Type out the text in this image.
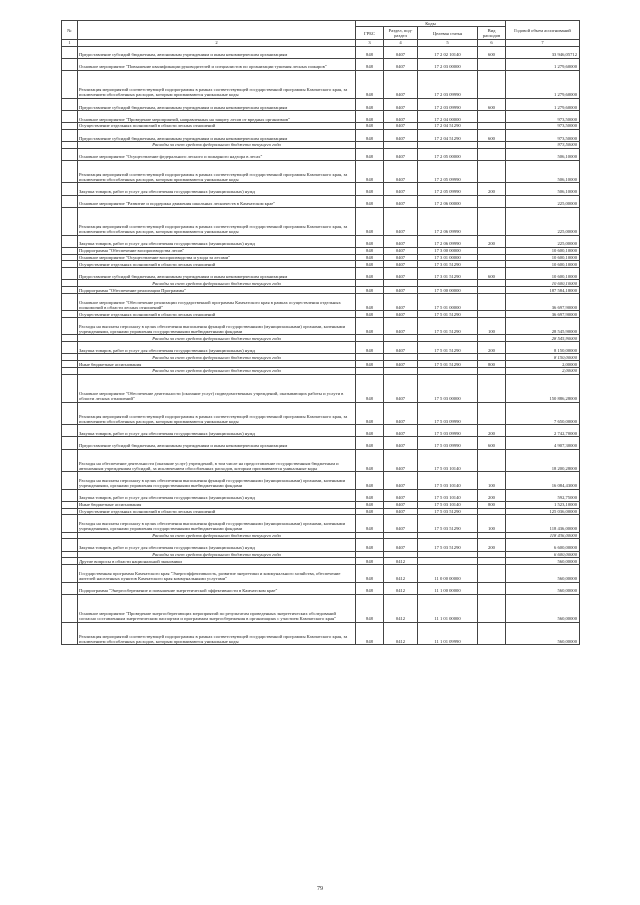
№		Коды				Годовой объем ассигнований
		ГРБС	Раздел, под- раздел	Целевая статья	Вид расходов	
1	2	3	4	5	6	7
	Предоставление субсидий бюджетным, автономным учреждениям и иным некоммерческим организациям	848	0407	17 2 02 10140	600	33 946,05712
	Основное мероприятие "Повышение квалификации руководителей и специалистов по организации тушения лесных пожаров"	848	0407	17 2 03 00000		1 279,60000
	Реализация мероприятий соответствующей подпрограммы в рамках соответствующей государственной программы Камчатского края, за исключением обособленных расходов, которым присваиваются уникальные коды	848	0407	17 2 03 09990		1 279,60000
	Предоставление субсидий бюджетным, автономным учреждениям и иным некоммерческим организациям	848	0407	17 2 03 09990	600	1 279,60000
	Основное мероприятие "Проведение мероприятий, направленных на защиту лесов от вредных организмов"	848	0407	17 2 04 00000		973,50000
	Осуществление отдельных полномочий в области лесных отношений	848	0407	17 2 04 51290		973,50000
	Предоставление субсидий бюджетным, автономным учреждениям и иным некоммерческим организациям	848	0407	17 2 04 51290	600	973,50000
	Расходы за счет средств федерального бюджета текущего года					973,50000
	Основное мероприятие "Осуществление федерального лесного и пожарного надзора в лесах"	848	0407	17 2 05 00000		506,10000
	Реализация мероприятий соответствующей подпрограммы в рамках соответствующей государственной программы Камчатского края, за исключением обособленных расходов, которым присваиваются уникальные коды	848	0407	17 2 05 09990		506,10000
	Закупка товаров, работ и услуг для обеспечения государственных (муниципальных) нужд	848	0407	17 2 05 09990	200	506,10000
	Основное мероприятие "Развитие и поддержка движения школьных лесничеств в Камчатском крае"	848	0407	17 2 06 00000		225,00000
	Реализация мероприятий соответствующей подпрограммы в рамках соответствующей государственной программы Камчатского края, за исключением обособленных расходов, которым присваиваются уникальные коды	848	0407	17 2 06 09990		225,00000
	Закупка товаров, работ и услуг для обеспечения государственных (муниципальных) нужд	848	0407	17 2 06 09990	200	225,00000
	Подпрограмма "Обеспечение воспроизводства лесов"	848	0407	17 3 00 00000		10 600,10000
	Основное мероприятие "Осуществление воспроизводства и ухода за лесами"	848	0407	17 3 01 00000		10 600,10000
	Осуществление отдельных полномочий в области лесных отношений	848	0407	17 3 01 51290		10 600,10000
	Предоставление субсидий бюджетным, автономным учреждениям и иным некоммерческим организациям	848	0407	17 3 01 51290	600	10 600,10000
	Расходы за счет средств федерального бюджета текущего года					10 600,10000
	Подпрограмма "Обеспечение реализации Программы"	848	0407	17 5 00 00000		187 584,18000
	Основное мероприятие "Обеспечение реализации государственной программы Камчатского края в рамках осуществления отдельных полномочий в области лесных отношений"	848	0407	17 5 01 00000		36 697,90000
	Осуществление отдельных полномочий в области лесных отношений	848	0407	17 5 01 51290		36 697,90000
	Расходы на выплаты персоналу в целях обеспечения выполнения функций государственными (муниципальными) органами, казенными учреждениями, органами управления государственными внебюджетными фондами	848	0407	17 5 01 51290	100	28 545,90000
	Расходы за счет средств федерального бюджета текущего года					28 545,90000
	Закупка товаров, работ и услуг для обеспечения государственных (муниципальных) нужд	848	0407	17 5 01 51290	200	8 150,00000
	Расходы за счет средств федерального бюджета текущего года					8 150,00000
	Иные бюджетные ассигнования	848	0407	17 5 01 51290	800	2,00000
	Расходы за счет средств федерального бюджета текущего года					2,00000
	Основное мероприятие "Обеспечение деятельности (оказание услуг) подведомственных учреждений, оказывающих работы и услуги в области лесных отношений"	848	0407	17 5 03 00000		150 886,28000
	Реализация мероприятий соответствующей подпрограммы в рамках соответствующей государственной программы Камчатского края, за исключением обособленных расходов, которым присваиваются уникальные коды	848	0407	17 5 03 09990		7 650,00000
	Закупка товаров, работ и услуг для обеспечения государственных (муниципальных) нужд	848	0407	17 5 03 09990	200	2 742,70000
	Предоставление субсидий бюджетным, автономным учреждениям и иным некоммерческим организациям	848	0407	17 5 03 09990	600	4 907,30000
	Расходы на обеспечение деятельности (оказание услуг) учреждений, в том числе на предоставление государственным бюджетным и автономным учреждениям субсидий, за исключением обособленных расходов, которым присваиваются уникальные коды	848	0407	17 5 03 10140		18 200,28000
	Расходы на выплаты персоналу в целях обеспечения выполнения функций государственными (муниципальными) органами, казенными учреждениями, органами управления государственными внебюджетными фондами	848	0407	17 5 03 10140	100	16 084,43000
	Закупка товаров, работ и услуг для обеспечения государственных (муниципальных) нужд	848	0407	17 5 03 10140	200	592,75000
	Иные бюджетные ассигнования	848	0407	17 5 03 10140	800	1 523,10000
	Осуществление отдельных полномочий в области лесных отношений	848	0407	17 5 03 51290		125 036,00000
	Расходы на выплаты персоналу в целях обеспечения выполнения функций государственными (муниципальными) органами, казенными учреждениями, органами управления государственными внебюджетными фондами	848	0407	17 5 03 51290	100	118 436,00000
	Расходы за счет средств федерального бюджета текущего года					118 436,00000
	Закупка товаров, работ и услуг для обеспечения государственных (муниципальных) нужд	848	0407	17 5 03 51290	200	6 600,00000
	Расходы за счет средств федерального бюджета текущего года					6 600,00000
	Другие вопросы в области национальной экономики	848	0412			560,00000
	Государственная программа Камчатского края "Энергоэффективность, развитие энергетики и коммунального хозяйства, обеспечение жителей населенных пунктов Камчатского края коммунальными услугами"	848	0412	11 0 00 00000		560,00000
	Подпрограмма "Энергосбережение и повышение энергетической эффективности в Камчатском крае"	848	0412	11 1 00 00000		560,00000
	Основное мероприятие "Проведение энергосберегающих мероприятий по результатам проведенных энергетических обследований согласно составленным энергетическим паспортам и программам энергосбережения в организациях с участием Камчатского края"	848	0412	11 1 01 00000		560,00000
	Реализация мероприятий соответствующей подпрограммы в рамках соответствующей государственной программы Камчатского края, за исключением обособленных расходов, которым присваиваются уникальные коды	848	0412	11 1 01 09990		560,00000
79
